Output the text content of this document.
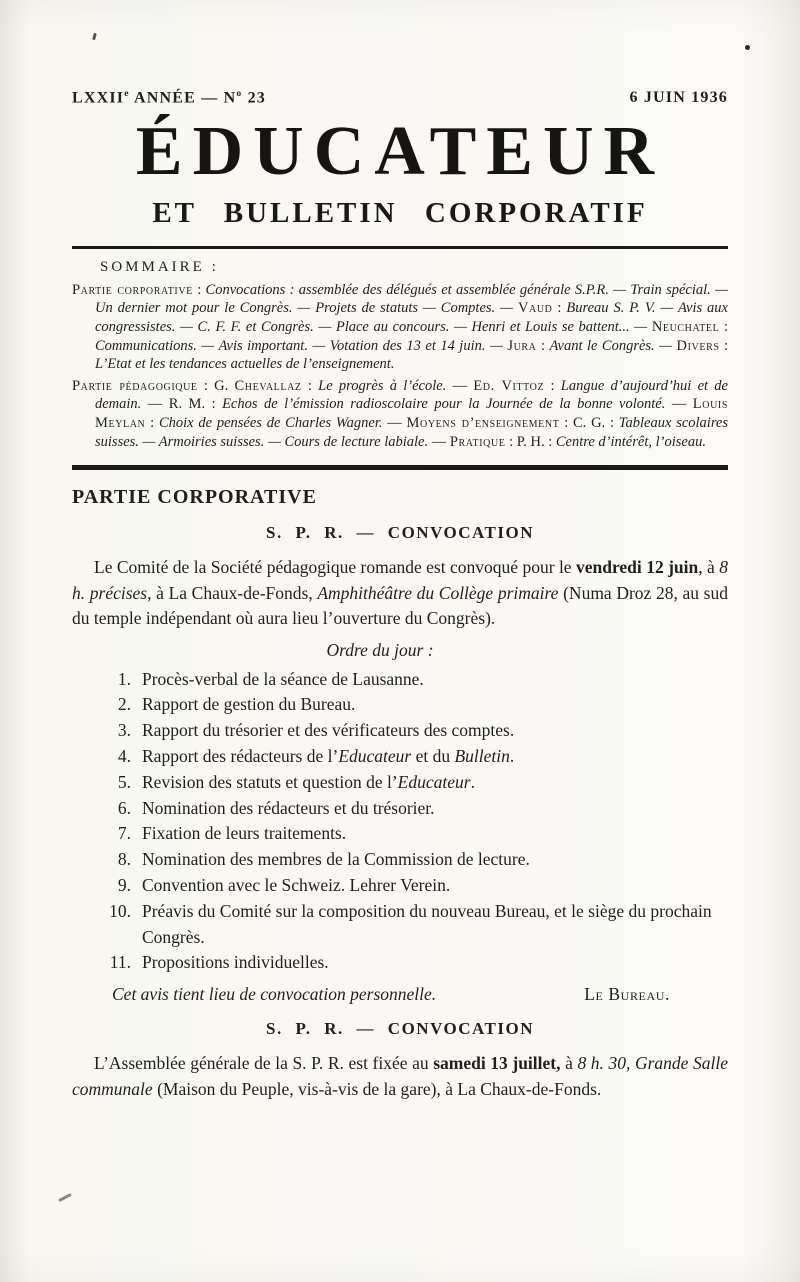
LXXIIe ANNÉE — $N^o$ 23	6 JUIN 1936
ÉDUCATEUR
ET BULLETIN CORPORATIF
SOMMAIRE :

Partie corporative : Convocations : assemblée des délégués et assemblée générale S.P.R. — Train spécial. — Un dernier mot pour le Congrès. — Projets de statuts — Comptes. — Vaud : Bureau S. P. V. — Avis aux congressistes. — C. F. F. et Congrès. — Place au concours. — Henri et Louis se battent... — Neuchatel : Communications. — Avis important. — Votation des 13 et 14 juin. — Jura : Avant le Congrès. — Divers : L’Etat et les tendances actuelles de l’enseignement.

Partie pédagogique : G. Chevallaz : Le progrès à l’école. — Ed. Vittoz : Langue d’aujourd’hui et de demain. — R. M. : Echos de l’émission radioscolaire pour la Journée de la bonne volonté. — Louis Meylan : Choix de pensées de Charles Wagner. — Moyens d’enseignement : C. G. : Tableaux scolaires suisses. — Armoiries suisses. — Cours de lecture labiale. — Pratique : P. H. : Centre d’intérêt, l’oiseau.

PARTIE CORPORATIVE
S. P. R. — CONVOCATION

Le Comité de la Société pédagogique romande est convoqué pour le vendredi 12 juin, à 8 h. précises, à La Chaux-de-Fonds, Amphithéâtre du Collège primaire (Numa Droz 28, au sud du temple indépendant où aura lieu l’ouverture du Congrès).

Ordre du jour :
1. Procès-verbal de la séance de Lausanne.
2. Rapport de gestion du Bureau.
3. Rapport du trésorier et des vérificateurs des comptes.
4. Rapport des rédacteurs de l’Educateur et du Bulletin.
5. Revision des statuts et question de l’Educateur.
6. Nomination des rédacteurs et du trésorier.
7. Fixation de leurs traitements.
8. Nomination des membres de la Commission de lecture.
9. Convention avec le Schweiz. Lehrer Verein.
10. Préavis du Comité sur la composition du nouveau Bureau, et le siège du prochain Congrès.
11. Propositions individuelles.
Cet avis tient lieu de convocation personnelle.	Le Bureau.
S. P. R. — CONVOCATION

L’Assemblée générale de la S. P. R. est fixée au samedi 13 juillet, à 8 h. 30, Grande Salle communale (Maison du Peuple, vis-à-vis de la gare), à La Chaux-de-Fonds.
